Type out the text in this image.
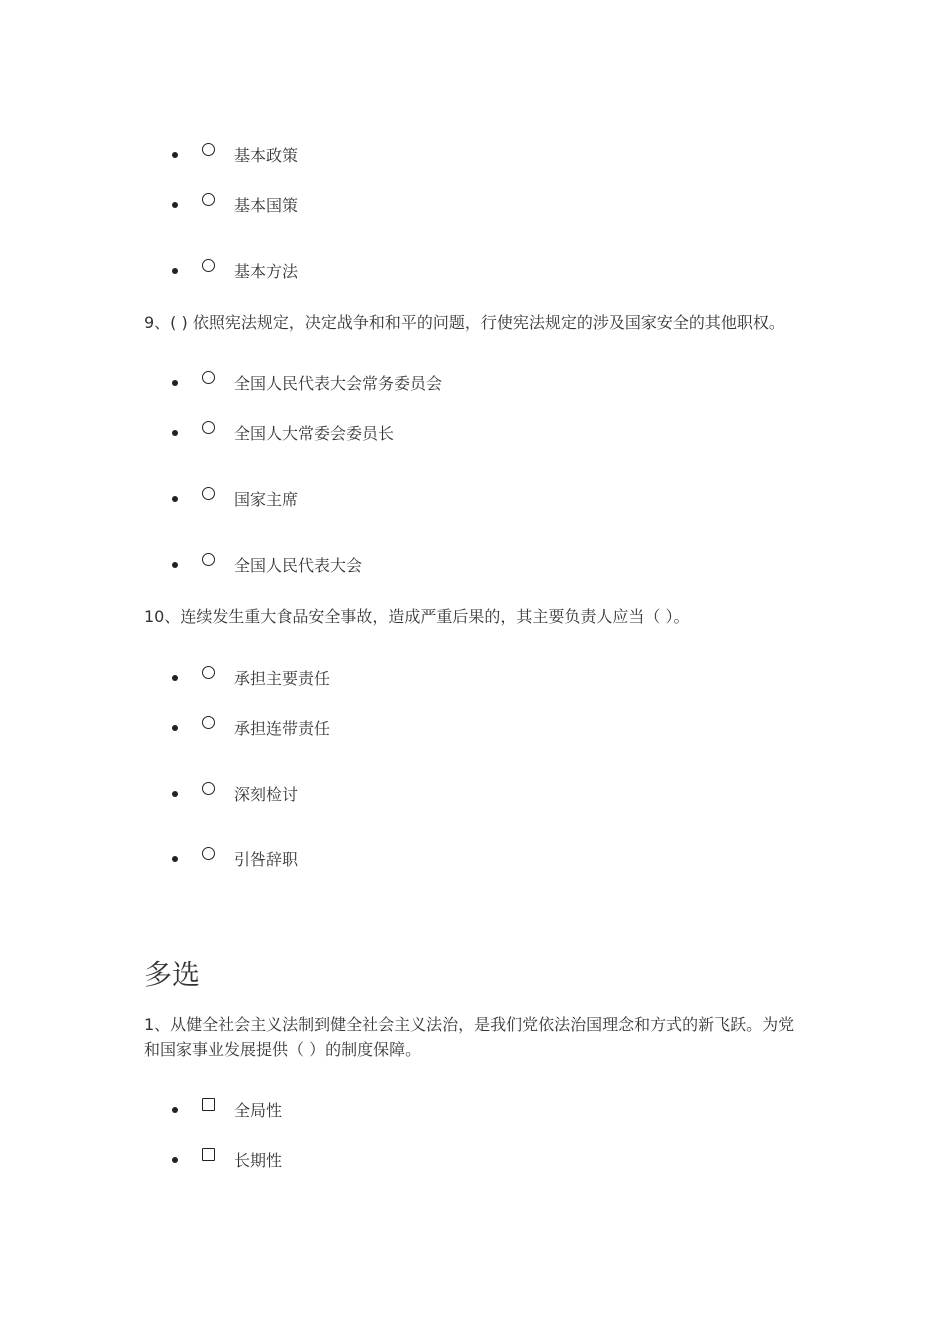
基本政策
基本国策
基本方法
9、( ) 依照宪法规定，决定战争和和平的问题，行使宪法规定的涉及国家安全的其他职权。
全国人民代表大会常务委员会
全国人大常委会委员长
国家主席
全国人民代表大会
10、连续发生重大食品安全事故，造成严重后果的，其主要负责人应当（ ）。
承担主要责任
承担连带责任
深刻检讨
引咎辞职
多选
1、从健全社会主义法制到健全社会主义法治，是我们党依法治国理念和方式的新飞跃。为党
和国家事业发展提供（ ）的制度保障。
全局性
长期性
